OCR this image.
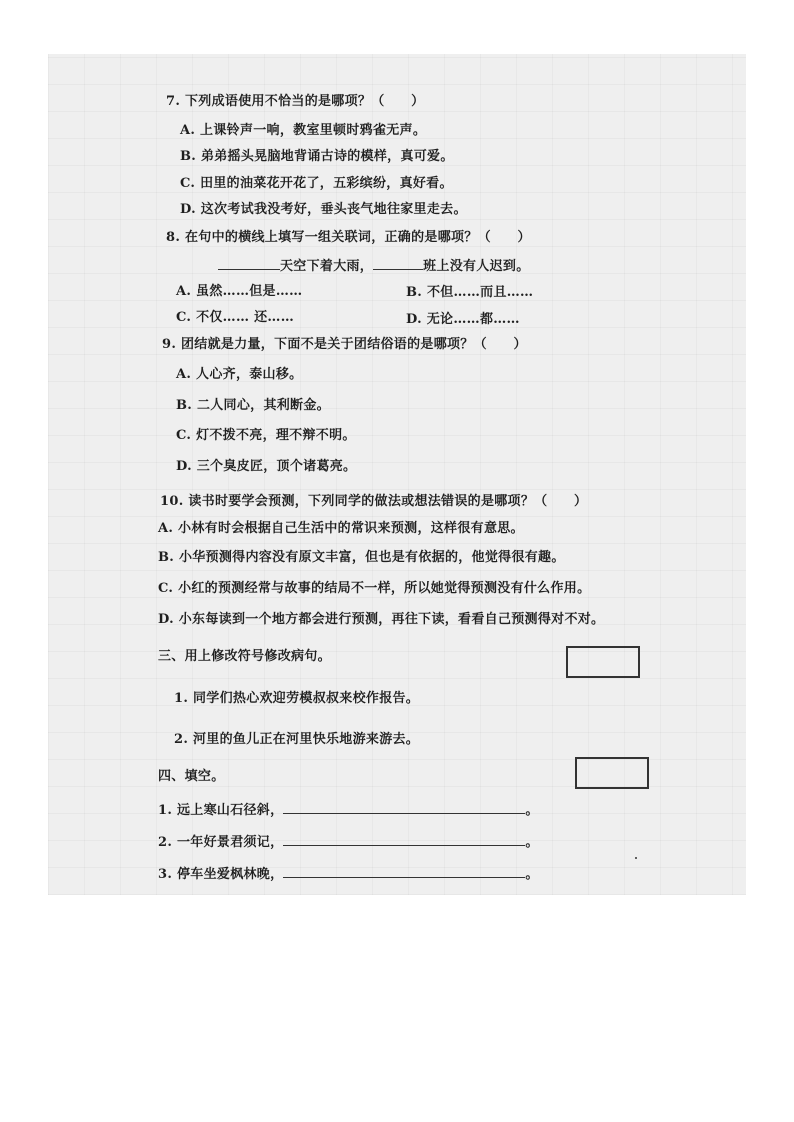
7. 下列成语使用不恰当的是哪项？（　　）
A. 上课铃声一响，教室里顿时鸦雀无声。
B. 弟弟摇头晃脑地背诵古诗的模样，真可爱。
C. 田里的油菜花开花了，五彩缤纷，真好看。
D. 这次考试我没考好，垂头丧气地往家里走去。
8. 在句中的横线上填写一组关联词，正确的是哪项？（　　）
天空下着大雨，	班上没有人迟到。
A. 虽然……但是……	B. 不但……而且……
C. 不仅…… 还……	D. 无论……都……
9. 团结就是力量，下面不是关于团结俗语的是哪项？（　　）
A. 人心齐，泰山移。
B. 二人同心，其利断金。
C. 灯不拨不亮，理不辩不明。
D. 三个臭皮匠，顶个诸葛亮。
10. 读书时要学会预测，下列同学的做法或想法错误的是哪项？（　　）
A. 小林有时会根据自己生活中的常识来预测，这样很有意思。
B. 小华预测得内容没有原文丰富，但也是有依据的，他觉得很有趣。
C. 小红的预测经常与故事的结局不一样，所以她觉得预测没有什么作用。
D. 小东每读到一个地方都会进行预测，再往下读，看看自己预测得对不对。
三、用上修改符号修改病句。
1. 同学们热心欢迎劳模叔叔来校作报告。
2. 河里的鱼儿正在河里快乐地游来游去。
四、填空。
1. 远上寒山石径斜，	。
2. 一年好景君须记，	。
3. 停车坐爱枫林晚，	。
